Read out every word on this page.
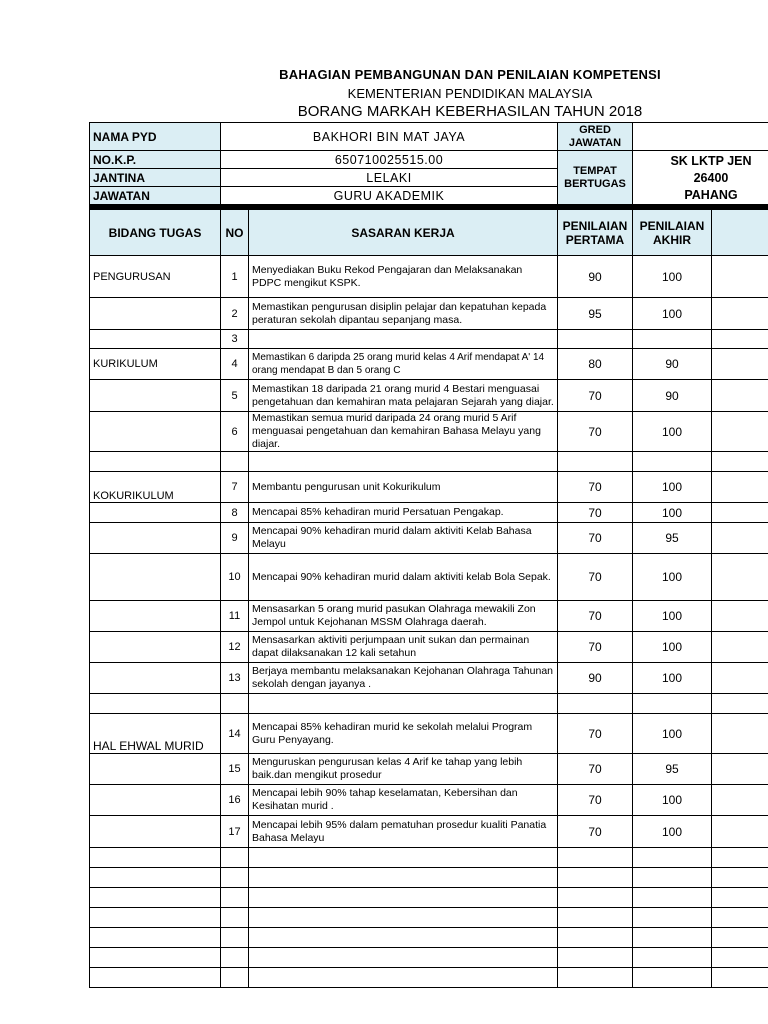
BAHAGIAN PEMBANGUNAN DAN PENILAIAN KOMPETENSI
KEMENTERIAN PENDIDIKAN MALAYSIA
BORANG MARKAH KEBERHASILAN TAHUN 2018
NAMA PYD	BAKHORI BIN MAT JAYA	GRED JAWATAN	
NO.K.P.	650710025515.00	TEMPAT BERTUGAS	SK LKTP JEN
26400
PAHANG

JANTINA	LELAKI		
JAWATAN	GURU AKADEMIK		
BIDANG TUGAS	NO	SASARAN KERJA	PENILAIAN PERTAMA	PENILAIAN AKHIR	
PENGURUSAN	1	Menyediakan Buku Rekod Pengajaran dan Melaksanakan PDPC mengikut KSPK.	90	100	
	2	Memastikan pengurusan disiplin pelajar dan kepatuhan kepada peraturan sekolah dipantau sepanjang masa.	95	100	
	3				
KURIKULUM	4	Memastikan 6 daripda 25 orang murid kelas 4 Arif mendapat A' 14 orang mendapat B dan 5 orang C	80	90	
	5	Memastikan 18 daripada 21 orang murid 4 Bestari menguasai pengetahuan dan kemahiran mata pelajaran Sejarah yang diajar.	70	90	
	6	Memastikan semua murid daripada 24 orang murid 5 Arif menguasai pengetahuan dan kemahiran Bahasa Melayu yang diajar.	70	100	

KOKURIKULUM	7	Membantu pengurusan unit Kokurikulum	70	100	
	8	Mencapai 85% kehadiran murid Persatuan Pengakap.	70	100	
	9	Mencapai 90% kehadiran murid dalam aktiviti Kelab Bahasa Melayu	70	95	
	10	Mencapai 90% kehadiran murid dalam aktiviti kelab Bola Sepak.	70	100	
	11	Mensasarkan 5 orang murid pasukan Olahraga mewakili Zon Jempol untuk Kejohanan MSSM Olahraga daerah.	70	100	
	12	Mensasarkan aktiviti perjumpaan unit sukan dan permainan dapat dilaksanakan 12 kali setahun	70	100	
	13	Berjaya membantu melaksanakan Kejohanan Olahraga Tahunan sekolah dengan jayanya .	90	100	

HAL EHWAL MURID	14	Mencapai 85% kehadiran murid ke sekolah melalui Program Guru Penyayang.	70	100	
	15	Menguruskan pengurusan kelas 4 Arif ke tahap yang lebih baik.dan mengikut prosedur	70	95	
	16	Mencapai lebih 90% tahap keselamatan, Kebersihan dan Kesihatan murid .	70	100	
	17	Mencapai lebih 95% dalam pematuhan prosedur kualiti Panatia Bahasa Melayu	70	100	
